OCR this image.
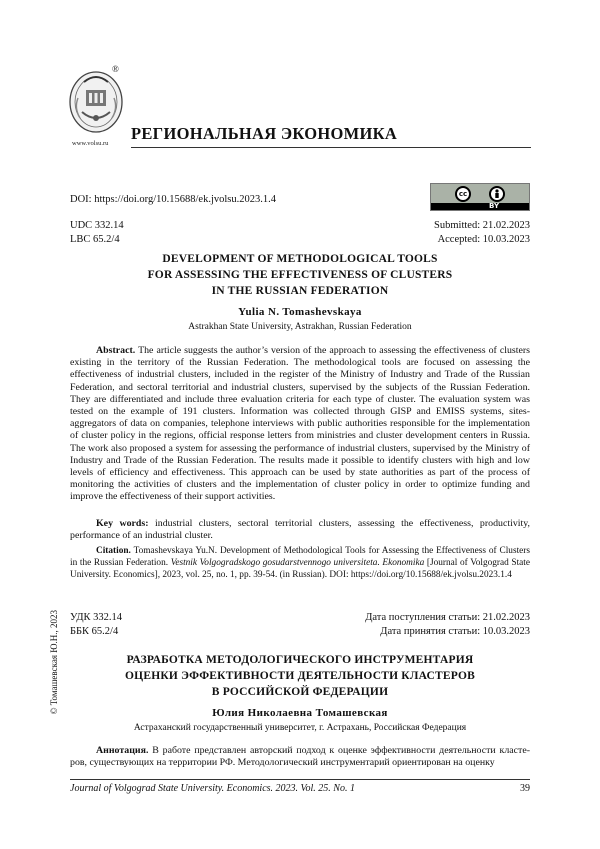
®
www.volsu.ru
РЕГИОНАЛЬНАЯ ЭКОНОМИКА
DOI: https://doi.org/10.15688/ek.jvolsu.2023.1.4	cc
BY
UDC 332.14
LBC 65.2/4
Submitted: 21.02.2023
Accepted: 10.03.2023
DEVELOPMENT OF METHODOLOGICAL TOOLS
FOR ASSESSING THE EFFECTIVENESS OF CLUSTERS
IN THE RUSSIAN FEDERATION
Yulia N. Tomashevskaya
Astrakhan State University, Astrakhan, Russian Federation

Abstract. The article suggests the author’s version of the approach to assessing the effectiveness of clusters existing in the territory of the Russian Federation. The methodological tools are focused on assessing the effectiveness of industrial clusters, included in the register of the Ministry of Industry and Trade of the Russian Federation, and sectoral territorial and industrial clusters, supervised by the subjects of the Russian Federation. They are differentiated and include three evaluation criteria for each type of cluster. The evaluation system was tested on the example of 191 clusters. Information was collected through GISP and EMISS systems, sites-aggregators of data on companies, telephone interviews with public authorities responsible for the implementation of cluster policy in the regions, official response letters from ministries and cluster development centers in Russia. The work also proposed a system for assessing the performance of industrial clusters, supervised by the Ministry of Industry and Trade of the Russian Federation. The results made it possible to identify clusters with high and low levels of efficiency and effectiveness. This approach can be used by state authorities as part of the process of monitoring the activities of clusters and the implementation of cluster policy in order to optimize funding and improve the effectiveness of their support activities.

Key words: industrial clusters, sectoral territorial clusters, assessing the effectiveness, productivity, performance of an industrial cluster.

Citation. Tomashevskaya Yu.N. Development of Methodological Tools for Assessing the Effectiveness of Clusters in the Russian Federation. Vestnik Volgogradskogo gosudarstvennogo universiteta. Ekonomika [Journal of Volgograd State University. Economics], 2023, vol. 25, no. 1, pp. 39-54. (in Russian). DOI: https://doi.org/10.15688/ek.jvolsu.2023.1.4

УДК 332.14
ББК 65.2/4
Дата поступления статьи: 21.02.2023
Дата принятия статьи: 10.03.2023
РАЗРАБОТКА МЕТОДОЛОГИЧЕСКОГО ИНСТРУМЕНТАРИЯ
ОЦЕНКИ ЭФФЕКТИВНОСТИ ДЕЯТЕЛЬНОСТИ КЛАСТЕРОВ
В РОССИЙСКОЙ ФЕДЕРАЦИИ
Юлия Николаевна Томашевская
Астраханский государственный университет, г. Астрахань, Российская Федерация

Аннотация. В работе представлен авторский подход к оценке эффективности деятельности класте-ров, существующих на территории РФ. Методологический инструментарий ориентирован на оценку

© Томашевская Ю.Н., 2023
Journal of Volgograd State University. Economics. 2023. Vol. 25. No. 1	39
